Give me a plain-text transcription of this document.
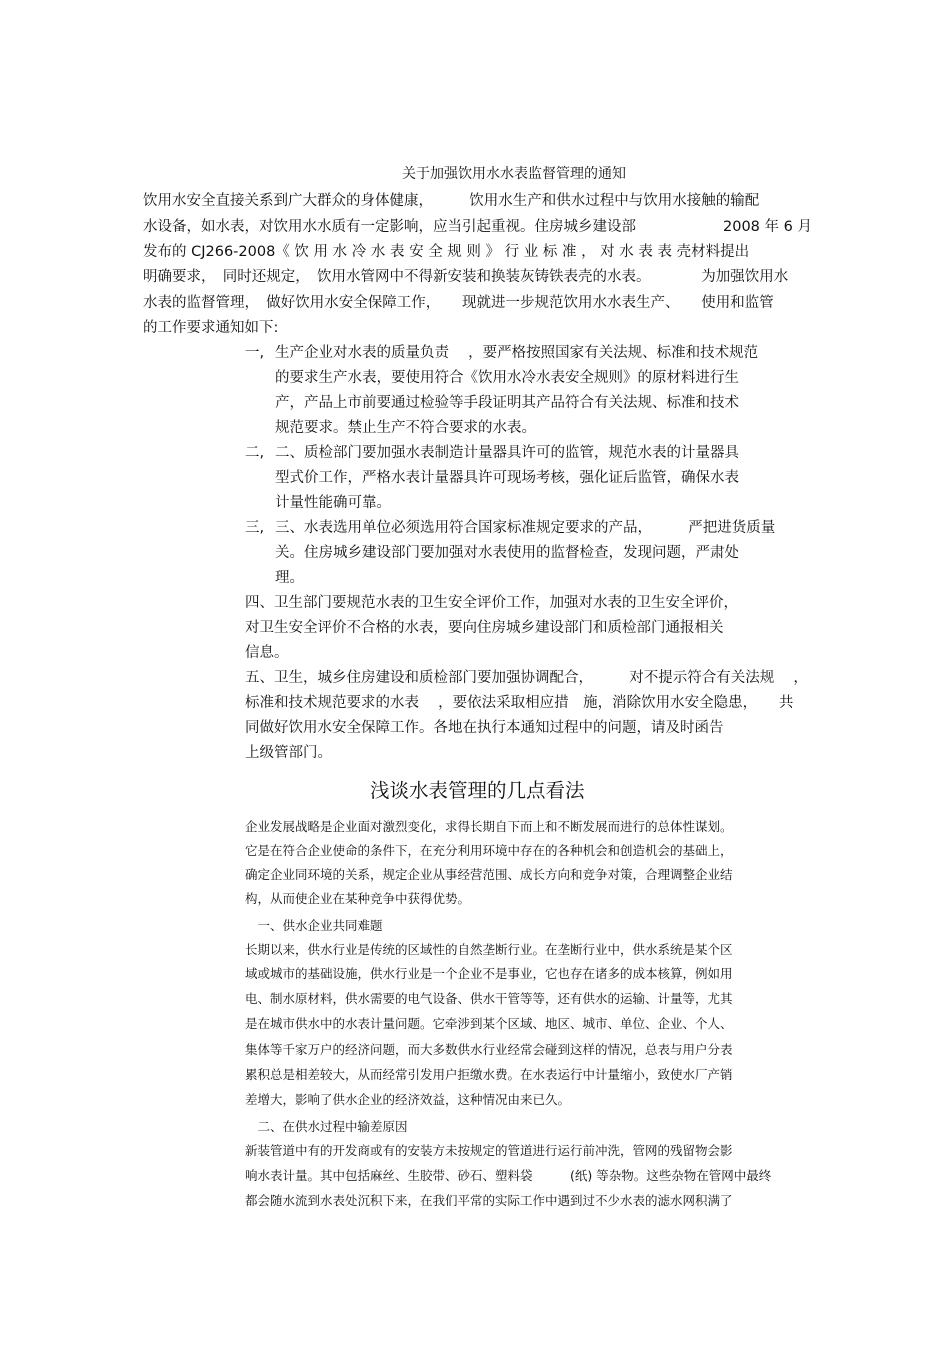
关于加强饮用水水表监督管理的通知
饮用水安全直接关系到广大群众的身体健康，　　　饮用水生产和供水过程中与饮用水接触的输配
水设备，如水表，对饮用水水质有一定影响，应当引起重视。住房城乡建设部　　　　　　2008 年 6 月
发布的 CJ266-2008《 饮 用 水 冷 水 表 安 全 规 则 》 行 业 标 准 ， 对 水 表 表 壳材料提出
明确要求，　同时还规定，　饮用水管网中不得新安装和换装灰铸铁表壳的水表。　　　　为加强饮用水
水表的监督管理，　做好饮用水安全保障工作，　　现就进一步规范饮用水水表生产、　　使用和监管
的工作要求通知如下:
一, 生产企业对水表的质量负责　 ，要严格按照国家有关法规、标准和技术规范
的要求生产水表，要使用符合《饮用水冷水表安全规则》的原材料进行生
产，产品上市前要通过检验等手段证明其产品符合有关法规、标准和技术
规范要求。禁止生产不符合要求的水表。
二, 二、质检部门要加强水表制造计量器具许可的监管，规范水表的计量器具
型式价工作，严格水表计量器具许可现场考核，强化证后监管，确保水表
计量性能确可靠。
三, 三、水表选用单位必须选用符合国家标准规定要求的产品，　　　严把进货质量
关。住房城乡建设部门要加强对水表使用的监督检查，发现问题，严肃处
理。
四、卫生部门要规范水表的卫生安全评价工作，加强对水表的卫生安全评价，
对卫生安全评价不合格的水表，要向住房城乡建设部门和质检部门通报相关
信息。
五、卫生，城乡住房建设和质检部门要加强协调配合，　　　对不提示符合有关法规　 ，
标准和技术规范要求的水表　 ，要依法采取相应措　施，消除饮用水安全隐患，　　共
同做好饮用水安全保障工作。各地在执行本通知过程中的问题，请及时函告
上级管部门。
浅谈水表管理的几点看法
企业发展战略是企业面对激烈变化，求得长期自下而上和不断发展而进行的总体性谋划。
它是在符合企业使命的条件下，在充分利用环境中存在的各种机会和创造机会的基础上，
确定企业同环境的关系，规定企业从事经营范围、成长方向和竞争对策，合理调整企业结
构，从而使企业在某种竞争中获得优势。
　一、供水企业共同难题
长期以来，供水行业是传统的区域性的自然垄断行业。在垄断行业中，供水系统是某个区
域或城市的基础设施，供水行业是一个企业不是事业，它也存在诸多的成本核算，例如用
电、制水原材料，供水需要的电气设备、供水干管等等，还有供水的运输、计量等，尤其
是在城市供水中的水表计量问题。它牵涉到某个区域、地区、城市、单位、企业、个人、
集体等千家万户的经济问题，而大多数供水行业经常会碰到这样的情况，总表与用户分表
累积总是相差较大，从而经常引发用户拒缴水费。在水表运行中计量缩小，致使水厂产销
差增大，影响了供水企业的经济效益，这种情况由来已久。
　二、在供水过程中输差原因
新装管道中有的开发商或有的安装方未按规定的管道进行运行前冲洗，管网的残留物会影
响水表计量。其中包括麻丝、生胶带、砂石、塑料袋　　　(纸) 等杂物。这些杂物在管网中最终
都会随水流到水表处沉积下来，在我们平常的实际工作中遇到过不少水表的滤水网积满了
